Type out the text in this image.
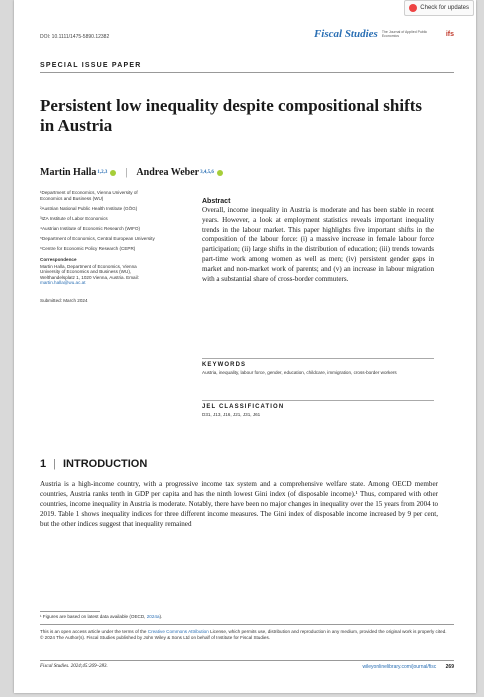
Check for updates
DOI: 10.1111/1475-5890.12382	Fiscal Studies The Journal of Applied Public Economics	ifs
SPECIAL ISSUE PAPER
Persistent low inequality despite compositional shifts in Austria
Martin Halla 1,2,3 | Andrea Weber 3,4,5,6

¹Department of Economics, Vienna University of Economics and Business (WU)

²Austrian National Public Health Institute (GÖG)

³IZA Institute of Labor Economics

⁴Austrian Institute of Economic Research (WIFO)

⁵Department of Economics, Central European University

⁶Centre for Economic Policy Research (CEPR)

Correspondence

Martin Halla, Department of Economics, Vienna University of Economics and Business (WU), Welthandelsplatz 1, 1020 Vienna, Austria. Email: martin.halla@wu.ac.at

Submitted: March 2024

Abstract

Overall, income inequality in Austria is moderate and has been stable in recent years. However, a look at employment statistics reveals important inequality trends in the labour market. This paper highlights five important shifts in the composition of the labour force: (i) a massive increase in female labour force participation; (ii) large shifts in the distribution of education; (iii) trends towards part-time work among women as well as men; (iv) persistent gender gaps in market and non-market work of parents; and (v) an increase in labour migration with a substantial share of cross-border commuters.

KEYWORDS

Austria, inequality, labour force, gender, education, childcare, immigration, cross-border workers

JEL CLASSIFICATION

D31, J13, J16, J21, J31, J61

1 | INTRODUCTION

Austria is a high-income country, with a progressive income tax system and a comprehensive welfare state. Among OECD member countries, Austria ranks tenth in GDP per capita and has the ninth lowest Gini index (of disposable income).¹ Thus, compared with other countries, income inequality in Austria is moderate. Notably, there have been no major changes in inequality over the 15 years from 2004 to 2019. Table 1 shows inequality indices for three different income measures. The Gini index of disposable income increased by 9 per cent, but the other indices suggest that inequality remained

¹ Figures are based on latest data available (OECD, 2024a).

This is an open access article under the terms of the Creative Commons Attribution License, which permits use, distribution and reproduction in any medium, provided the original work is properly cited.
© 2024 The Author(s). Fiscal Studies published by John Wiley & Sons Ltd on behalf of Institute for Fiscal Studies.

Fiscal Studies. 2024;45:269–283.	wileyonlinelibrary.com/journal/fisc 269
